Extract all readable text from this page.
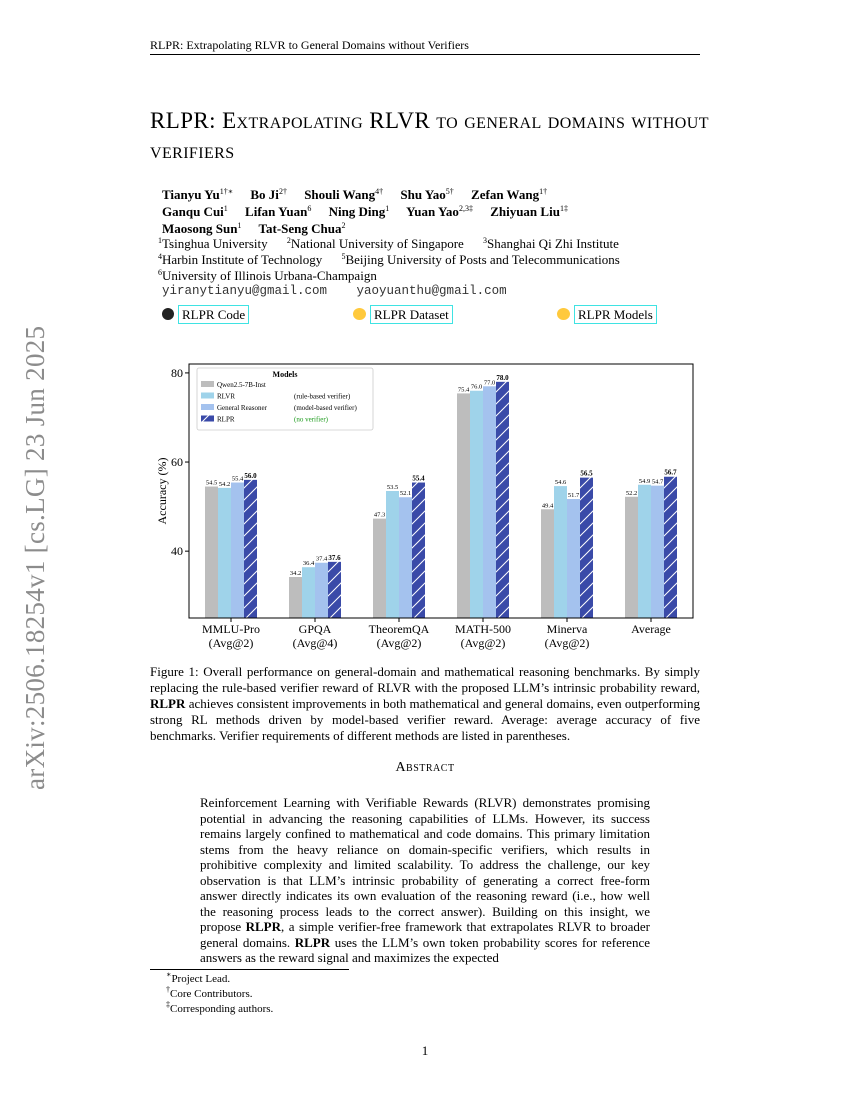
RLPR: Extrapolating RLVR to General Domains without Verifiers
arXiv:2506.18254v1 [cs.LG] 23 Jun 2025
RLPR: Extrapolating RLVR to general domains without verifiers
Tianyu $Yu^{1\dagger∗}$ Bo $Ji^{2\dagger}$ Shouli Wang$^{4\dagger}$ Shu Yao$^{5\dagger}$ Zefan Wang$^{1\dagger}$
Ganqu Cui$^1$ Lifan Yuan$^6$ Ning Ding$^1$ Yuan Yao$^{2,3\ddagger}$ Zhiyuan Liu$^{1\ddagger}$
Maosong Sun$^1$ Tat-Seng Chua$^2$
$^1$Tsinghua University $^2$National University of Singapore $^3$Shanghai Qi Zhi Institute
$^4$Harbin Institute of Technology $^5$Beijing University of Posts and Telecommunications
$^6$University of Illinois Urbana-Champaign
yiranytianyu@gmail.com yaoyuanthu@gmail.com
RLPR Code	RLPR Dataset	RLPR Models
54.5 54.2
55.4 56.0
34.2
36.4
37.4 37.6
47.3
53.5
52.1
55.4
75.4 76.0
77.0
78.0
49.4
54.6
51.7
56.5
52.2
54.9 54.7
56.7
MMLU-Pro
(Avg@2)
GPQA
(Avg@4)
TheoremQA
(Avg@2)
MATH-500
(Avg@2)
Minerva
(Avg@2)
Average
40
60
80
Accuracy (%)
Models
Qwen2.5-7B-Inst
RLVR	(rule-based verifier)
General Reasoner	(model-based verifier)
RLPR	(no verifier)
Figure 1: Overall performance on general-domain and mathematical reasoning benchmarks. By simply replacing the rule-based verifier reward of RLVR with the proposed LLM’s intrinsic probability reward, RLPR achieves consistent improvements in both mathematical and general domains, even outperforming strong RL methods driven by model-based verifier reward. Average: average accuracy of five benchmarks. Verifier requirements of different methods are listed in parentheses.
Abstract
Reinforcement Learning with Verifiable Rewards (RLVR) demonstrates promising potential in advancing the reasoning capabilities of LLMs. However, its success remains largely confined to mathematical and code domains. This primary limitation stems from the heavy reliance on domain-specific verifiers, which results in prohibitive complexity and limited scalability. To address the challenge, our key observation is that LLM’s intrinsic probability of generating a correct free-form answer directly indicates its own evaluation of the reasoning reward (i.e., how well the reasoning process leads to the correct answer). Building on this insight, we propose RLPR, a simple verifier-free framework that extrapolates RLVR to broader general domains. RLPR uses the LLM’s own token probability scores for reference answers as the reward signal and maximizes the expected
∗Project Lead.
†Core Contributors.
‡Corresponding authors.
1
